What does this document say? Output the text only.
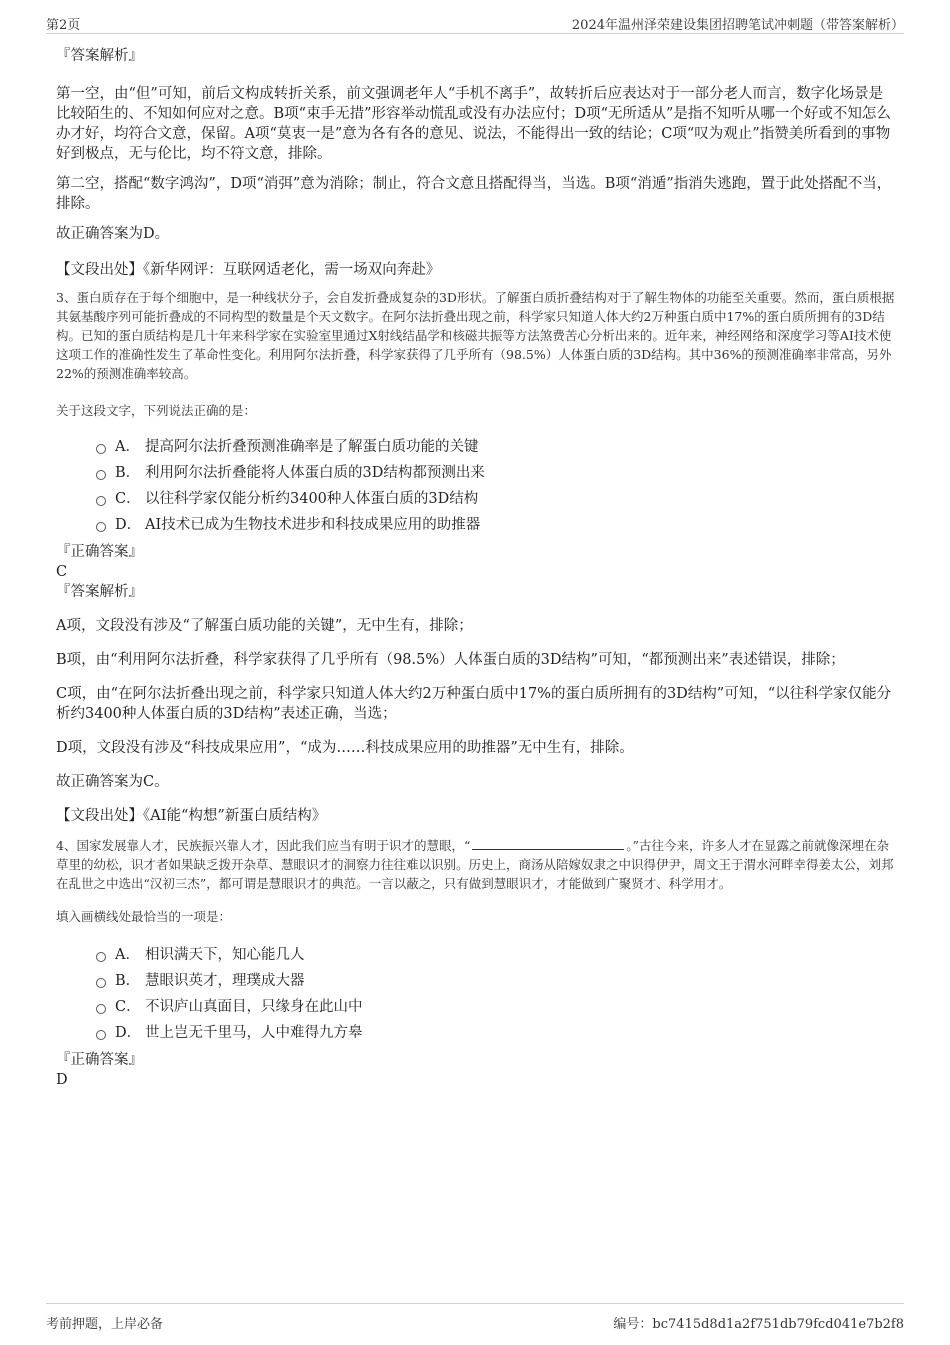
第2页	2024年温州泽荣建设集团招聘笔试冲刺题（带答案解析）

『答案解析』

第一空，由“但”可知，前后文构成转折关系，前文强调老年人“手机不离手”，故转折后应表达对于一部分老人而言，数字化场景是比较陌生的、不知如何应对之意。B项“束手无措”形容举动慌乱或没有办法应付；D项“无所适从”是指不知听从哪一个好或不知怎么办才好，均符合文意，保留。A项“莫衷一是”意为各有各的意见、说法，不能得出一致的结论；C项“叹为观止”指赞美所看到的事物好到极点，无与伦比，均不符文意，排除。

第二空，搭配“数字鸿沟”，D项“消弭”意为消除；制止，符合文意且搭配得当，当选。B项“消遁”指消失逃跑，置于此处搭配不当，排除。

故正确答案为D。

【文段出处】《新华网评：互联网适老化，需一场双向奔赴》

3、蛋白质存在于每个细胞中，是一种线状分子，会自发折叠成复杂的3D形状。了解蛋白质折叠结构对于了解生物体的功能至关重要。然而，蛋白质根据其氨基酸序列可能折叠成的不同构型的数量是个天文数字。在阿尔法折叠出现之前，科学家只知道人体大约2万种蛋白质中17%的蛋白质所拥有的3D结构。已知的蛋白质结构是几十年来科学家在实验室里通过X射线结晶学和核磁共振等方法煞费苦心分析出来的。近年来，神经网络和深度学习等AI技术使这项工作的准确性发生了革命性变化。利用阿尔法折叠，科学家获得了几乎所有（98.5%）人体蛋白质的3D结构。其中36%的预测准确率非常高，另外22%的预测准确率较高。

关于这段文字，下列说法正确的是：

A． 提高阿尔法折叠预测准确率是了解蛋白质功能的关键
B． 利用阿尔法折叠能将人体蛋白质的3D结构都预测出来
C． 以往科学家仅能分析约3400种人体蛋白质的3D结构
D． AI技术已成为生物技术进步和科技成果应用的助推器

『正确答案』

C

『答案解析』

A项，文段没有涉及“了解蛋白质功能的关键”，无中生有，排除；

B项，由“利用阿尔法折叠，科学家获得了几乎所有（98.5%）人体蛋白质的3D结构”可知，“都预测出来”表述错误，排除；

C项，由“在阿尔法折叠出现之前，科学家只知道人体大约2万种蛋白质中17%的蛋白质所拥有的3D结构”可知，“以往科学家仅能分析约3400种人体蛋白质的3D结构”表述正确，当选；

D项，文段没有涉及“科技成果应用”，“成为……科技成果应用的助推器”无中生有，排除。

故正确答案为C。

【文段出处】《AI能“构想”新蛋白质结构》

4、国家发展靠人才，民族振兴靠人才，因此我们应当有明于识才的慧眼，“	。”古往今来，许多人才在显露之前就像深埋在杂草里的幼松，识才者如果缺乏拨开杂草、慧眼识才的洞察力往往难以识别。历史上，商汤从陪嫁奴隶之中识得伊尹，周文王于渭水河畔幸得姜太公，刘邦在乱世之中选出“汉初三杰”，都可谓是慧眼识才的典范。一言以蔽之，只有做到慧眼识才，才能做到广聚贤才、科学用才。

填入画横线处最恰当的一项是：

A． 相识满天下，知心能几人
B． 慧眼识英才，理璞成大器
C． 不识庐山真面目，只缘身在此山中
D． 世上岂无千里马，人中难得九方皋

『正确答案』

D

考前押题，上岸必备	编号：bc7415d8d1a2f751db79fcd041e7b2f8
